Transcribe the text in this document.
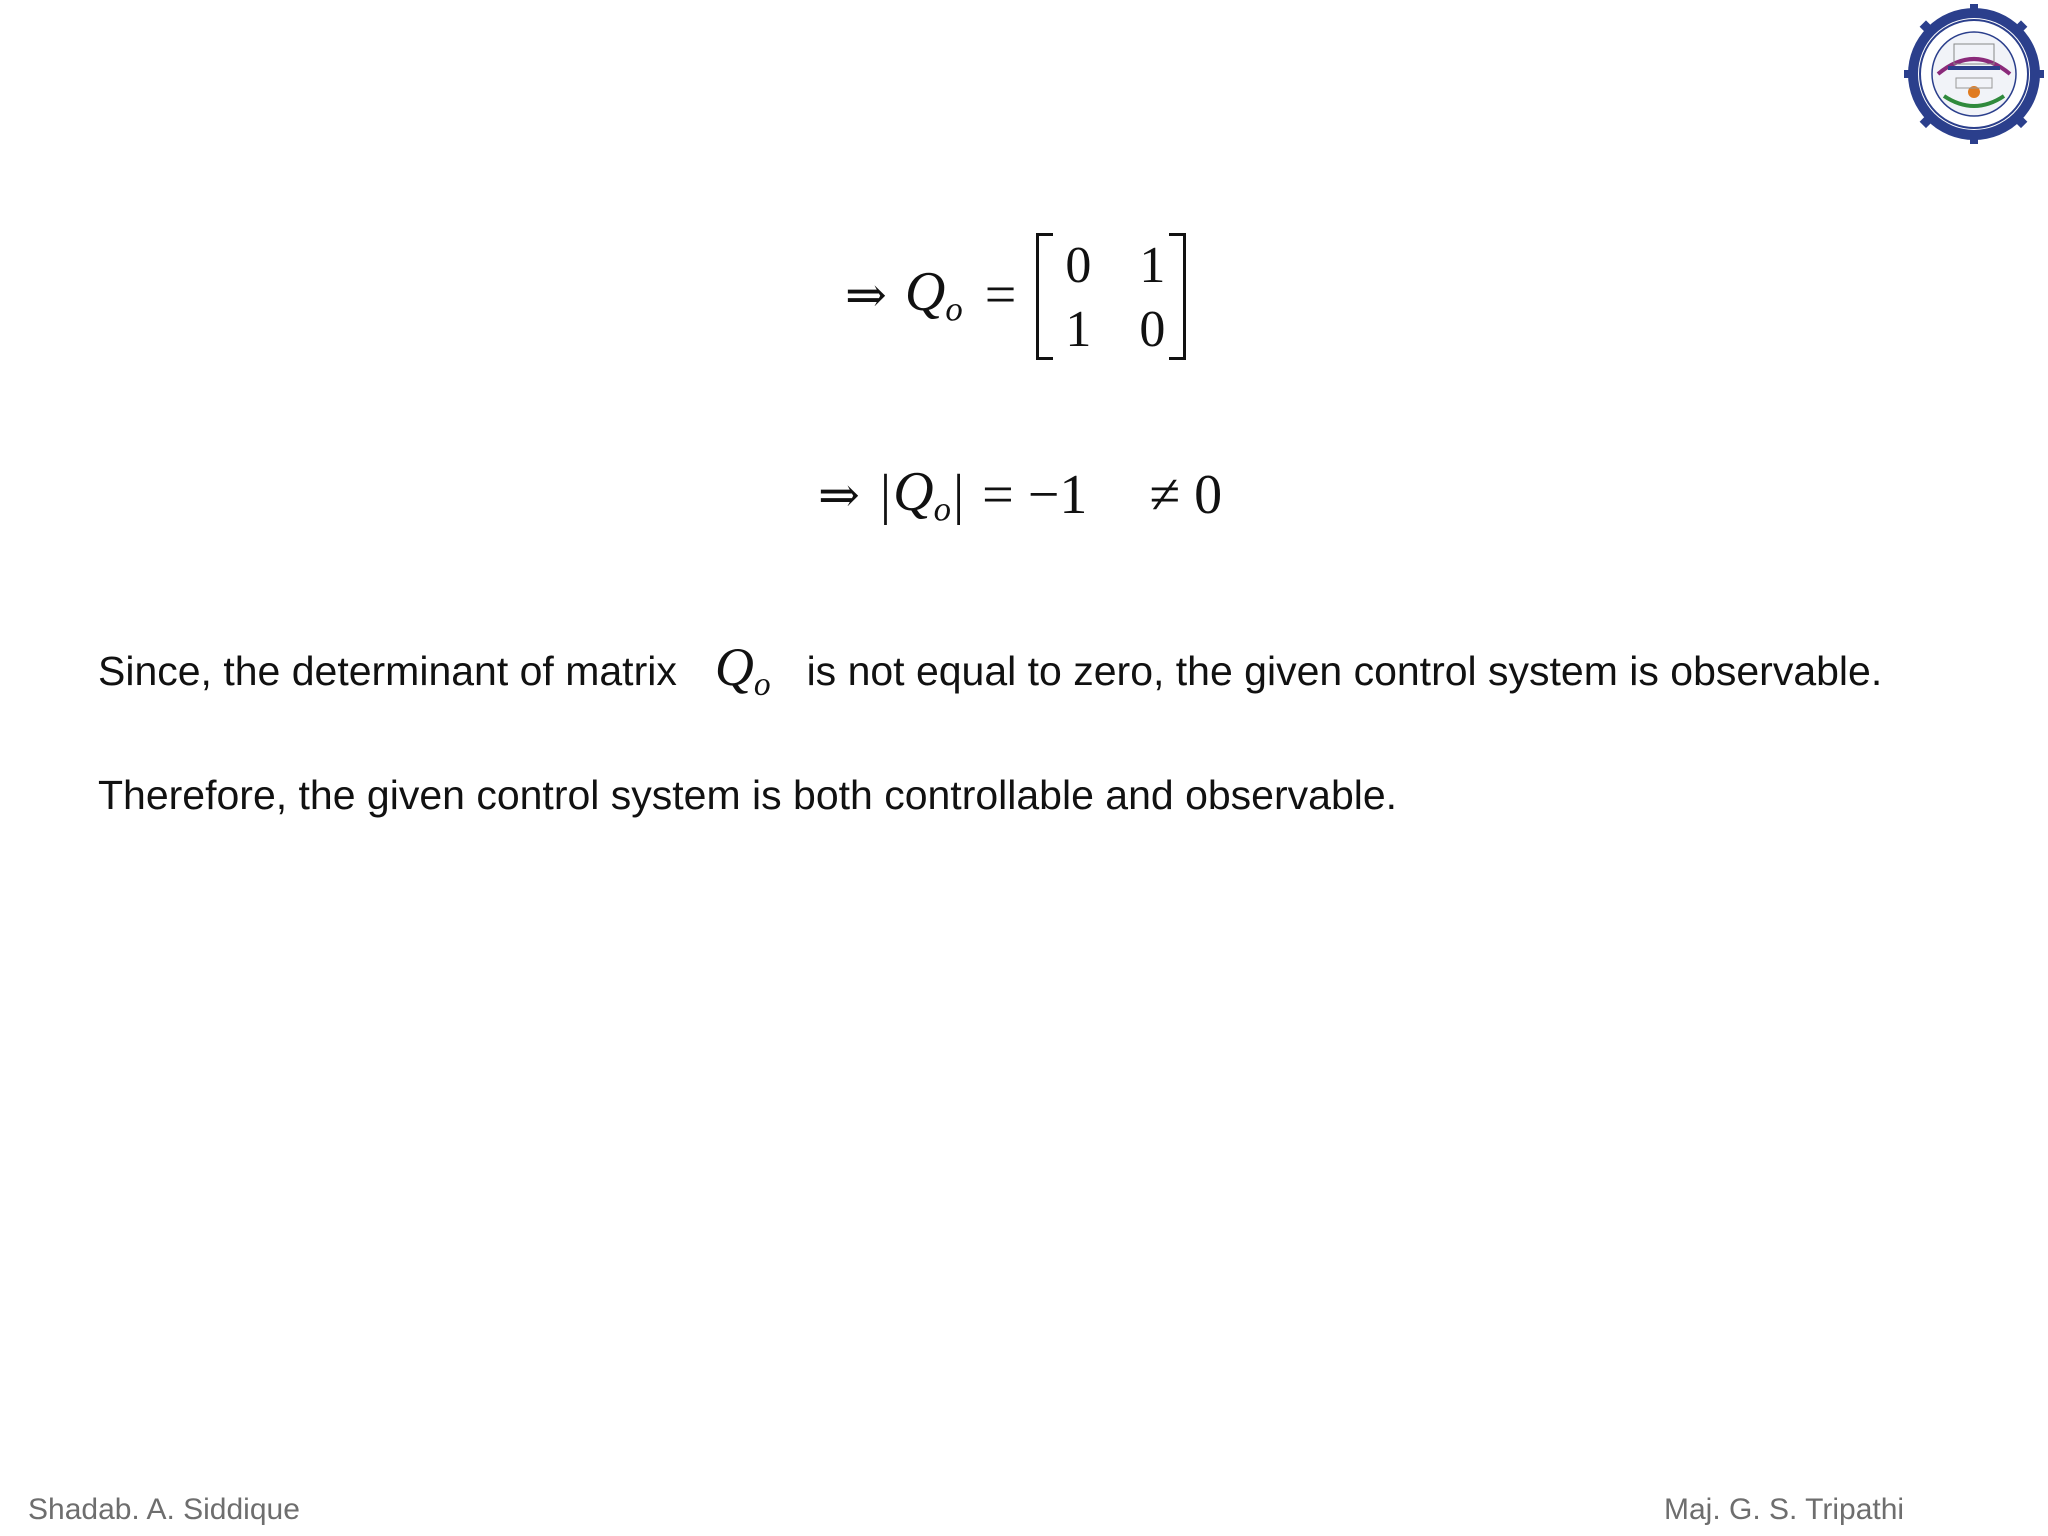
⇒ $Q_o = 0$ 1
1 0
⇒ | $Q_o$ | = −1 ≠ 0
Since, the determinant of matrix $Q_o$ is not equal to zero, the given control system is observable.
Therefore, the given control system is both controllable and observable.
Shadab. A. Siddique	Maj. G. S. Tripathi
